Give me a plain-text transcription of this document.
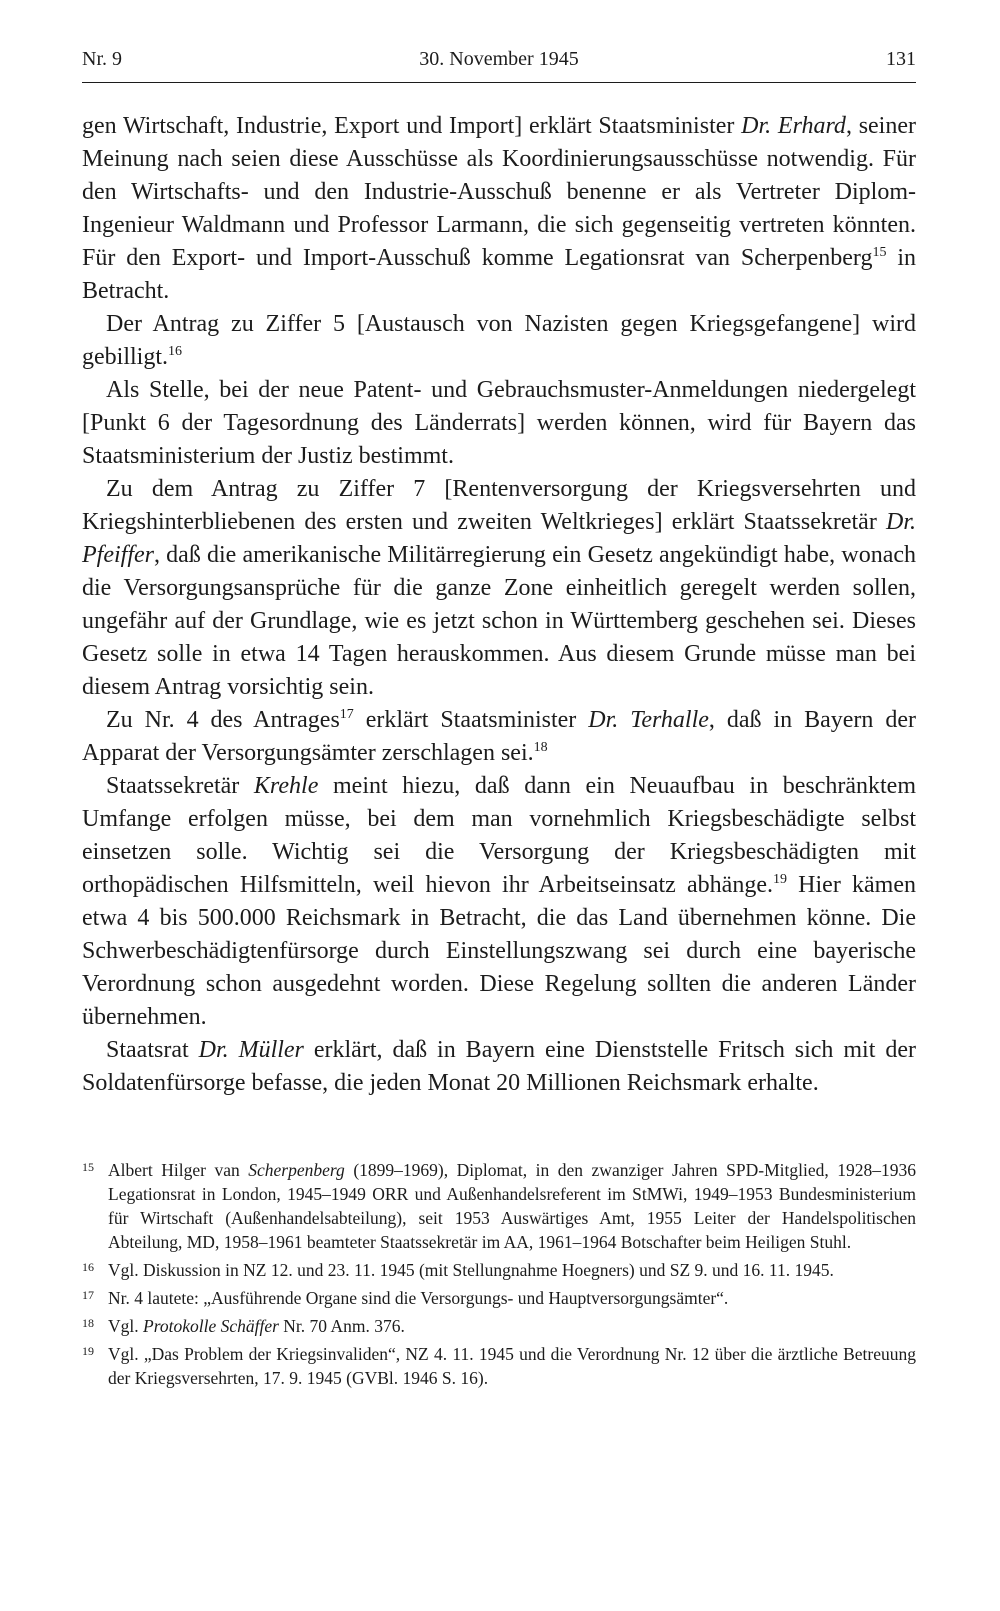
Nr. 9	30. November 1945	131

gen Wirtschaft, Industrie, Export und Import] erklärt Staatsminister Dr. Erhard, seiner Meinung nach seien diese Ausschüsse als Koordinierungsausschüsse notwendig. Für den Wirtschafts- und den Industrie-Ausschuß benenne er als Vertreter Diplom-Ingenieur Waldmann und Professor Larmann, die sich gegenseitig vertreten könnten. Für den Export- und Import-Ausschuß komme Legationsrat van Scherpenberg$^{15}$ in Betracht.

Der Antrag zu Ziffer 5 [Austausch von Nazisten gegen Kriegsgefangene] wird gebilligt.$^{16}$

Als Stelle, bei der neue Patent- und Gebrauchsmuster-Anmeldungen niedergelegt [Punkt 6 der Tagesordnung des Länderrats] werden können, wird für Bayern das Staatsministerium der Justiz bestimmt.

Zu dem Antrag zu Ziffer 7 [Rentenversorgung der Kriegsversehrten und Kriegshinterbliebenen des ersten und zweiten Weltkrieges] erklärt Staatssekretär Dr. Pfeiffer, daß die amerikanische Militärregierung ein Gesetz angekündigt habe, wonach die Versorgungsansprüche für die ganze Zone einheitlich geregelt werden sollen, ungefähr auf der Grundlage, wie es jetzt schon in Württemberg geschehen sei. Dieses Gesetz solle in etwa 14 Tagen herauskommen. Aus diesem Grunde müsse man bei diesem Antrag vorsichtig sein.

Zu Nr. 4 des Antrages$^{17}$ erklärt Staatsminister Dr. Terhalle, daß in Bayern der Apparat der Versorgungsämter zerschlagen sei.$^{18}$

Staatssekretär Krehle meint hiezu, daß dann ein Neuaufbau in beschränktem Umfange erfolgen müsse, bei dem man vornehmlich Kriegsbeschädigte selbst einsetzen solle. Wichtig sei die Versorgung der Kriegsbeschädigten mit orthopädischen Hilfsmitteln, weil hievon ihr Arbeitseinsatz abhänge.$^{19}$ Hier kämen etwa 4 bis 500.000 Reichsmark in Betracht, die das Land übernehmen könne. Die Schwerbeschädigtenfürsorge durch Einstellungszwang sei durch eine bayerische Verordnung schon ausgedehnt worden. Diese Regelung sollten die anderen Länder übernehmen.

Staatsrat Dr. Müller erklärt, daß in Bayern eine Dienststelle Fritsch sich mit der Soldatenfürsorge befasse, die jeden Monat 20 Millionen Reichsmark erhalte.

15 Albert Hilger van Scherpenberg (1899–1969), Diplomat, in den zwanziger Jahren SPD-Mitglied, 1928–1936 Legationsrat in London, 1945–1949 ORR und Außenhandelsreferent im StMWi, 1949–1953 Bundesministerium für Wirtschaft (Außenhandelsabteilung), seit 1953 Auswärtiges Amt, 1955 Leiter der Handelspolitischen Abteilung, MD, 1958–1961 beamteter Staatssekretär im AA, 1961–1964 Botschafter beim Heiligen Stuhl.
16 Vgl. Diskussion in NZ 12. und 23. 11. 1945 (mit Stellungnahme Hoegners) und SZ 9. und 16. 11. 1945.
17 Nr. 4 lautete: „Ausführende Organe sind die Versorgungs- und Hauptversorgungsämter“.
18 Vgl. Protokolle Schäffer Nr. 70 Anm. 376.
19 Vgl. „Das Problem der Kriegsinvaliden“, NZ 4. 11. 1945 und die Verordnung Nr. 12 über die ärztliche Betreuung der Kriegsversehrten, 17. 9. 1945 (GVBl. 1946 S. 16).
